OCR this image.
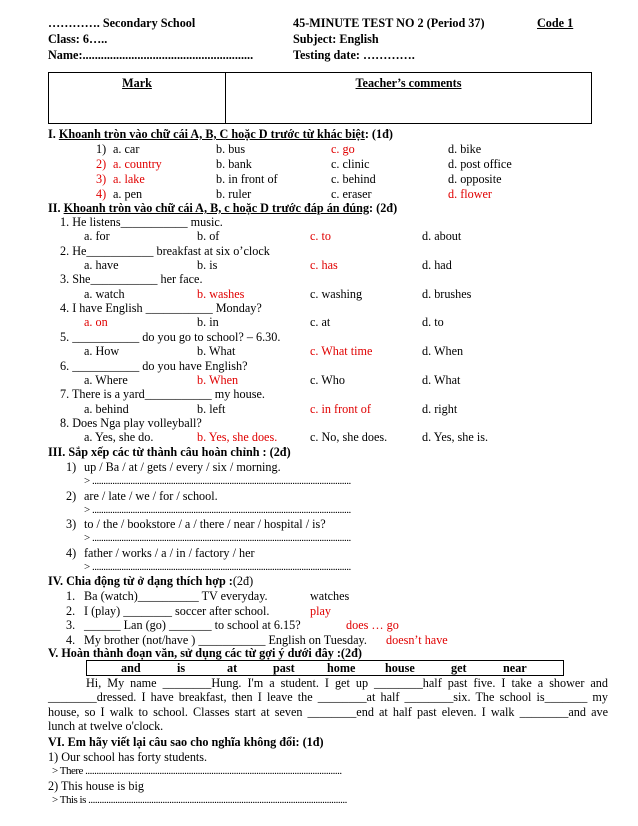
…………. Secondary School	45-MINUTE TEST NO 2 (Period 37)	Code 1
Class: 6…..	Subject: English
Name:........................................................	Testing date: ………….
Mark	Teacher’s comments
I. Khoanh tròn vào chữ cái A, B, C hoặc D trước từ khác biệt: (1đ)
1) a. car	b. bus	c. go	d. bike
2) a. country	b. bank	c. clinic	d. post office
3) a. lake	b. in front of	c. behind	d. opposite
4) a. pen	b. ruler	c. eraser	d. flower
II. Khoanh tròn vào chữ cái A, B, c hoặc D trước đáp án đúng: (2đ)
1. He listens___________ music.
a. for	b. of	c. to	d. about
2. He___________ breakfast at six o’clock
a. have	b. is	c. has	d. had
3. She___________ her face.
a. watch	b. washes	c. washing	d. brushes
4. I have English ___________ Monday?
a. on	b. in	c. at	d. to
5. ___________ do you go to school? – 6.30.
a. How	b. What	c. What time	d. When
6. ___________ do you have English?
a. Where	b. When	c. Who	d. What
7. There is a yard___________ my house.
a. behind	b. left	c. in front of	d. right
8. Does Nga play volleyball?
a. Yes, she do.	b. Yes, she does.	c. No, she does.	d. Yes, she is.
III. Sắp xếp các từ thành câu hoàn chỉnh : (2đ)
1) up / Ba / at / gets / every / six / morning.
> ...................................................................................................................
2) are / late / we / for / school.
> ...................................................................................................................
3) to / the / bookstore / a / there / near / hospital / is?
> ...................................................................................................................
4) father / works / a / in / factory / her
> ...................................................................................................................
IV. Chia động từ ở dạng thích hợp :(2đ)
1. Ba (watch)__________ TV everyday.	watches
2. I (play) ________ soccer after school.	play
3. ______ Lan (go) _______ to school at 6.15?	does … go
4. My brother (not/have ) ___________ English on Tuesday. doesn’t have
V. Hoàn thành đoạn văn, sử dụng các từ gợi ý dưới đây :(2đ)
and	is	at	past	home house	get	near
Hi, My name ________Hung. I'm a student. I get up ________half past five. I take a shower and
________dressed. I have breakfast, then I leave the ________at half ________six. The school is_______ my
house, so I walk to school. Classes start at seven ________end at half past eleven. I walk ________and ave
lunch at twelve o'clock.
VI. Em hãy viết lại câu sao cho nghĩa không đổi: (1đ)
1) Our school has forty students.
> There ..................................................................................................................
2) This house is big
> This is ...................................................................................................................
